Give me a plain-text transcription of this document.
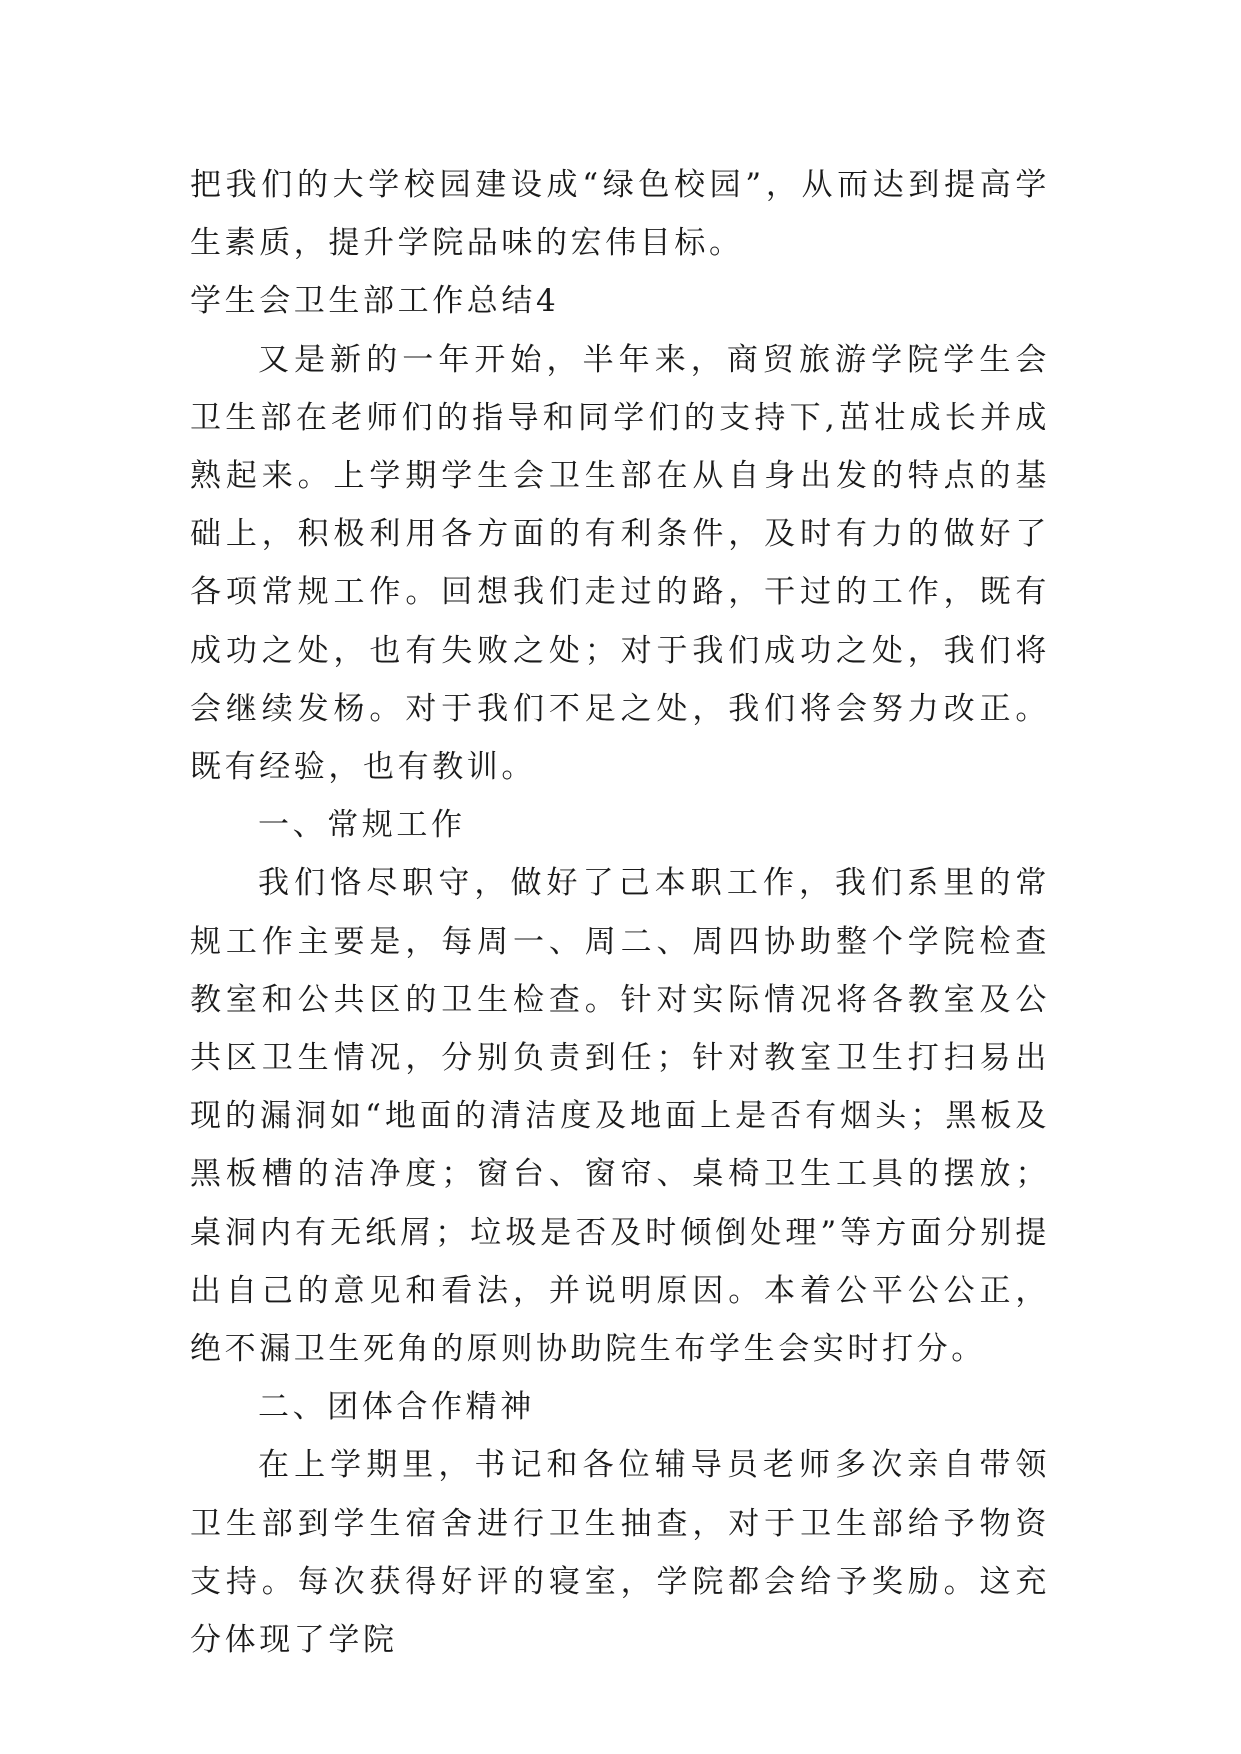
把我们的大学校园建设成“绿色校园”，从而达到提高学生素质，提升学院品味的宏伟目标。

学生会卫生部工作总结4

又是新的一年开始，半年来，商贸旅游学院学生会卫生部在老师们的指导和同学们的支持下,茁壮成长并成熟起来。上学期学生会卫生部在从自身出发的特点的基础上，积极利用各方面的有利条件，及时有力的做好了各项常规工作。回想我们走过的路，干过的工作，既有成功之处，也有失败之处；对于我们成功之处，我们将会继续发杨。对于我们不足之处，我们将会努力改正。既有经验，也有教训。

一、常规工作

我们恪尽职守，做好了己本职工作，我们系里的常规工作主要是，每周一、周二、周四协助整个学院检查教室和公共区的卫生检查。针对实际情况将各教室及公共区卫生情况，分别负责到任；针对教室卫生打扫易出现的漏洞如“地面的清洁度及地面上是否有烟头；黑板及黑板槽的洁净度；窗台、窗帘、桌椅卫生工具的摆放；桌洞内有无纸屑；垃圾是否及时倾倒处理”等方面分别提出自己的意见和看法，并说明原因。本着公平公公正，绝不漏卫生死角的原则协助院生布学生会实时打分。

二、团体合作精神

在上学期里，书记和各位辅导员老师多次亲自带领卫生部到学生宿舍进行卫生抽查，对于卫生部给予物资支持。每次获得好评的寝室，学院都会给予奖励。这充分体现了学院
